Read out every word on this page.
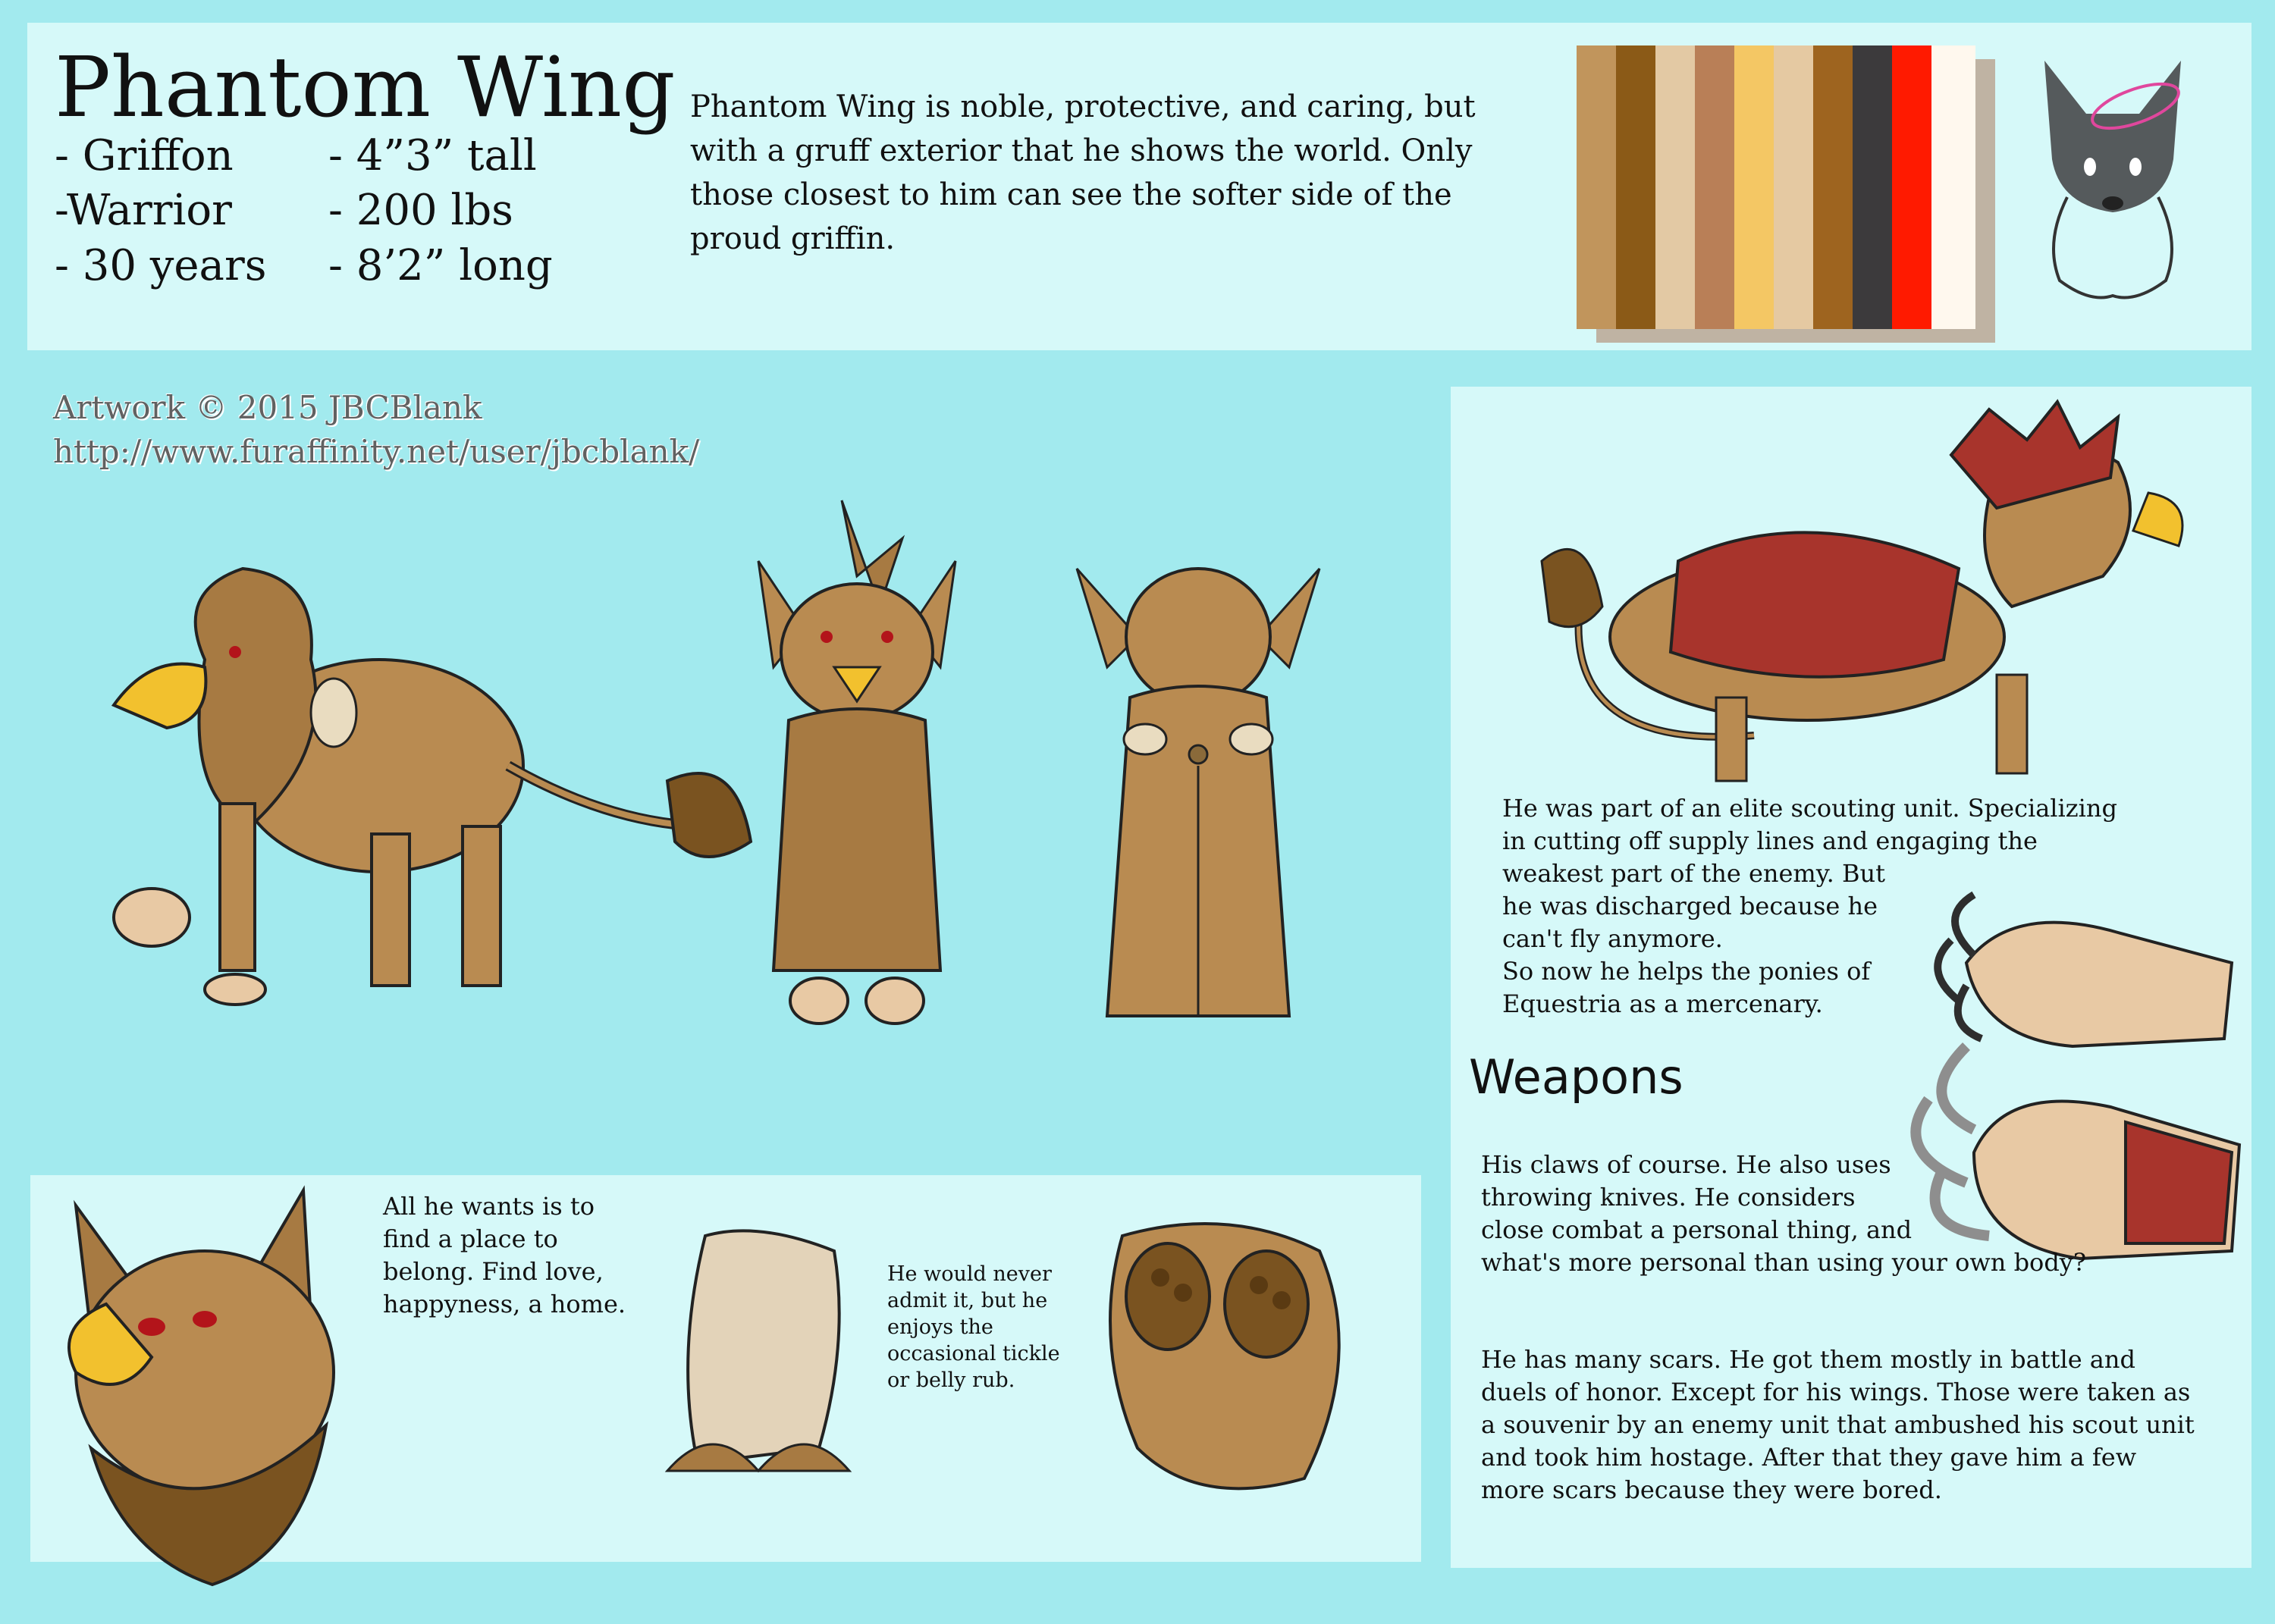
Phantom Wing
- Griffon
-Warrior
- 30 years
- 4”3” tall
- 200 lbs
- 8’2” long
Phantom Wing is noble, protective, and caring, but
with a gruff exterior that he shows the world. Only
those closest to him can see the softer side of the
proud griffin.
Artwork © 2015 JBCBlank
http://www.furaffinity.net/user/jbcblank/
He was part of an elite scouting unit. Specializing
in cutting off supply lines and engaging the
weakest part of the enemy. But
he was discharged because he
can't fly anymore.
So now he helps the ponies of
Equestria as a mercenary.
Weapons
His claws of course. He also uses
throwing knives. He considers
close combat a personal thing, and
what's more personal than using your own body?
He has many scars. He got them mostly in battle and
duels of honor. Except for his wings. Those were taken as
a souvenir by an enemy unit that ambushed his scout unit
and took him hostage. After that they gave him a few
more scars because they were bored.
All he wants is to
find a place to
belong. Find love,
happyness, a home.
He would never
admit it, but he
enjoys the
occasional tickle
or belly rub.
